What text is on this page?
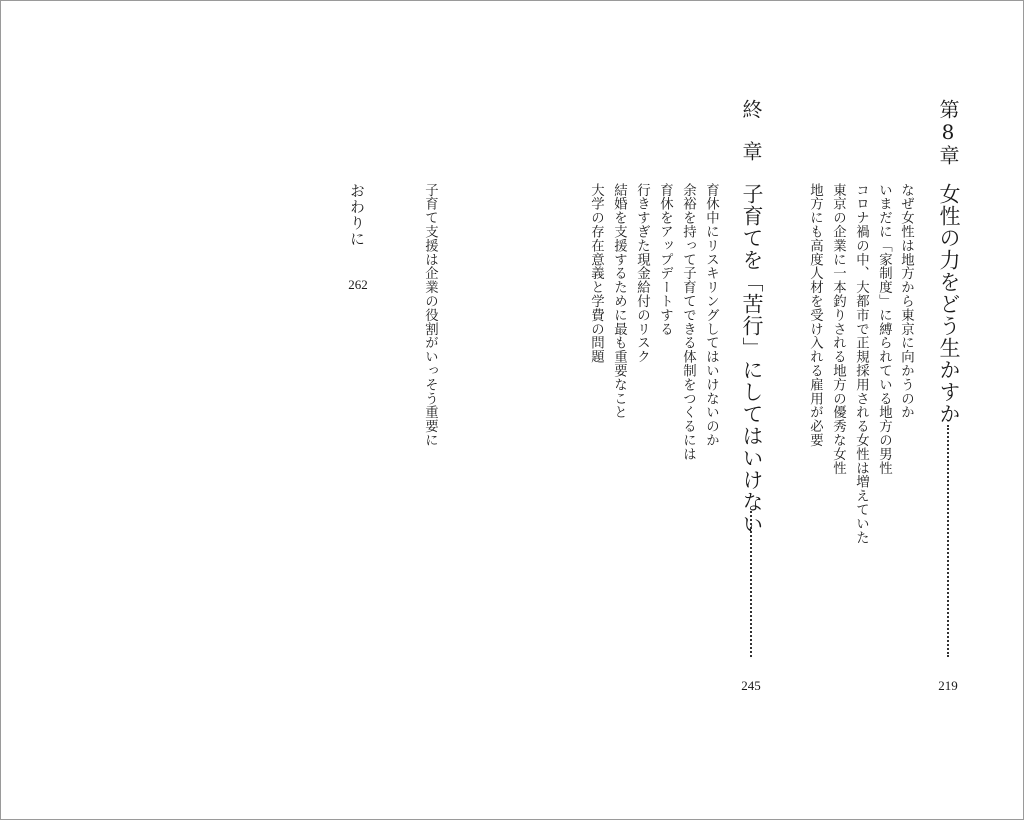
第8章
女性の力をどう生かすか
219
なぜ女性は地方から東京に向かうのか
いまだに「家制度」に縛られている地方の男性
コロナ禍の中、大都市で正規採用される女性は増えていた
東京の企業に一本釣りされる地方の優秀な女性
地方にも高度人材を受け入れる雇用が必要
終　章
子育てを「苦行」にしてはいけない
245
育休中にリスキリングしてはいけないのか
余裕を持って子育てできる体制をつくるには
育休をアップデートする
行きすぎた現金給付のリスク
結婚を支援するために最も重要なこと
大学の存在意義と学費の問題
子育て支援は企業の役割がいっそう重要に
おわりに
262
